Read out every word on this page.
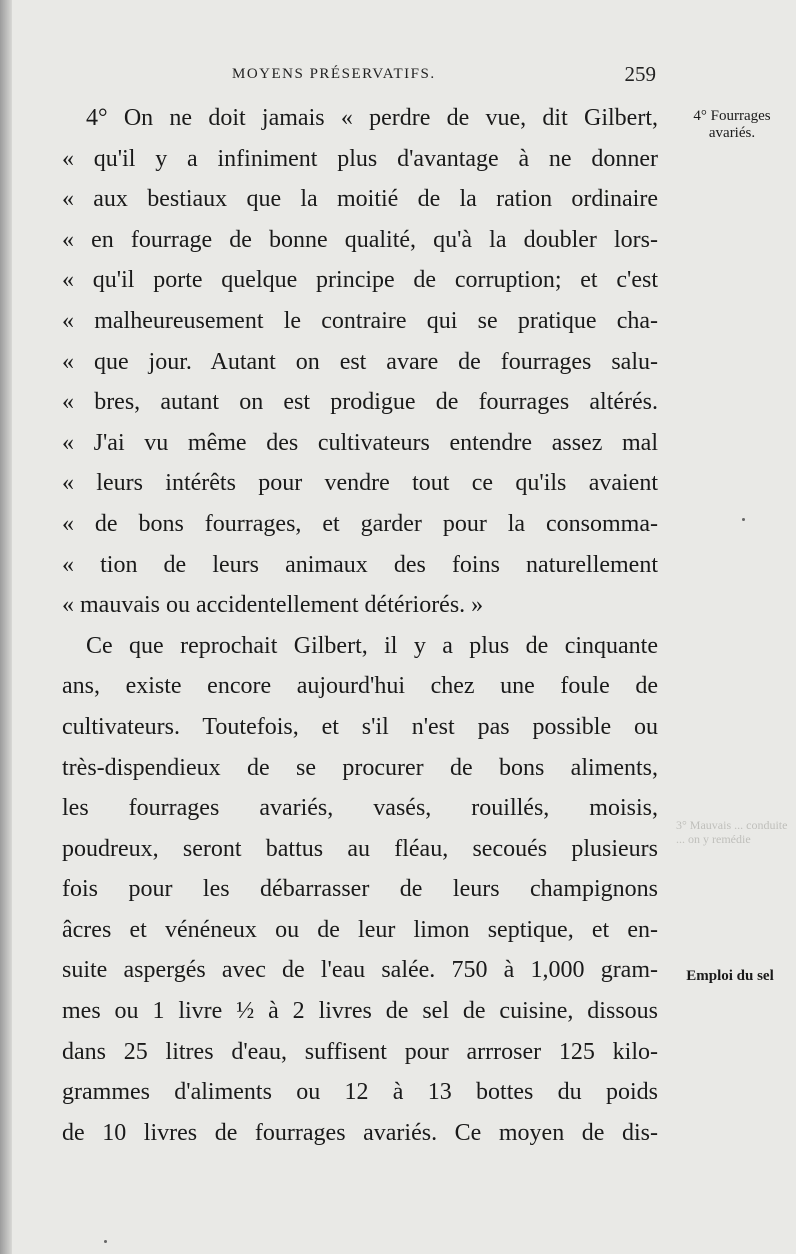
MOYENS PRÉSERVATIFS.	259
4° Fourrages avariés.
3° Mauvais ... conduite ... on y remédie
Emploi du sel
4° On ne doit jamais « perdre de vue, dit Gilbert,
« qu'il y a infiniment plus d'avantage à ne donner
« aux bestiaux que la moitié de la ration ordinaire
« en fourrage de bonne qualité, qu'à la doubler lors-
« qu'il porte quelque principe de corruption; et c'est
« malheureusement le contraire qui se pratique cha-
« que jour. Autant on est avare de fourrages salu-
« bres, autant on est prodigue de fourrages altérés.
« J'ai vu même des cultivateurs entendre assez mal
« leurs intérêts pour vendre tout ce qu'ils avaient
« de bons fourrages, et garder pour la consomma-
« tion de leurs animaux des foins naturellement
« mauvais ou accidentellement détériorés. »
Ce que reprochait Gilbert, il y a plus de cinquante
ans, existe encore aujourd'hui chez une foule de
cultivateurs. Toutefois, et s'il n'est pas possible ou
très-dispendieux de se procurer de bons aliments,
les fourrages avariés, vasés, rouillés, moisis,
poudreux, seront battus au fléau, secoués plusieurs
fois pour les débarrasser de leurs champignons
âcres et vénéneux ou de leur limon septique, et en-
suite aspergés avec de l'eau salée. 750 à 1,000 gram-
mes ou 1 livre ½ à 2 livres de sel de cuisine, dissous
dans 25 litres d'eau, suffisent pour arrroser 125 kilo-
grammes d'aliments ou 12 à 13 bottes du poids
de 10 livres de fourrages avariés. Ce moyen de dis-
